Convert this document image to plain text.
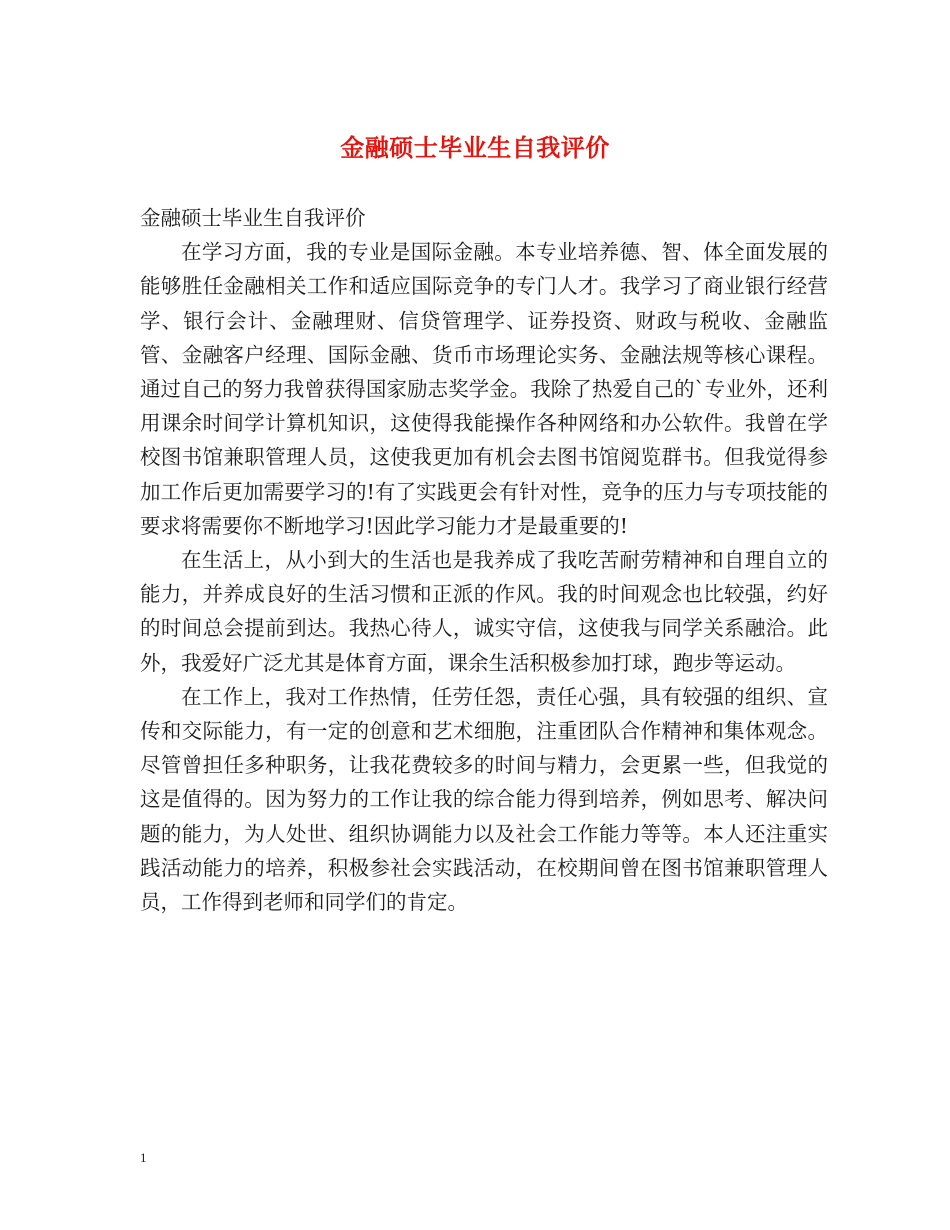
金融硕士毕业生自我评价

金融硕士毕业生自我评价

在学习方面，我的专业是国际金融。本专业培养德、智、体全面发展的能够胜任金融相关工作和适应国际竞争的专门人才。我学习了商业银行经营学、银行会计、金融理财、信贷管理学、证券投资、财政与税收、金融监管、金融客户经理、国际金融、货币市场理论实务、金融法规等核心课程。通过自己的努力我曾获得国家励志奖学金。我除了热爱自己的`专业外，还利用课余时间学计算机知识，这使得我能操作各种网络和办公软件。我曾在学校图书馆兼职管理人员，这使我更加有机会去图书馆阅览群书。但我觉得参加工作后更加需要学习的!有了实践更会有针对性，竞争的压力与专项技能的要求将需要你不断地学习!因此学习能力才是最重要的!

在生活上，从小到大的生活也是我养成了我吃苦耐劳精神和自理自立的能力，并养成良好的生活习惯和正派的作风。我的时间观念也比较强，约好的时间总会提前到达。我热心待人，诚实守信，这使我与同学关系融洽。此外，我爱好广泛尤其是体育方面，课余生活积极参加打球，跑步等运动。

在工作上，我对工作热情，任劳任怨，责任心强，具有较强的组织、宣传和交际能力，有一定的创意和艺术细胞，注重团队合作精神和集体观念。尽管曾担任多种职务，让我花费较多的时间与精力，会更累一些，但我觉的这是值得的。因为努力的工作让我的综合能力得到培养，例如思考、解决问题的能力，为人处世、组织协调能力以及社会工作能力等等。本人还注重实践活动能力的培养，积极参社会实践活动，在校期间曾在图书馆兼职管理人员，工作得到老师和同学们的肯定。

1
